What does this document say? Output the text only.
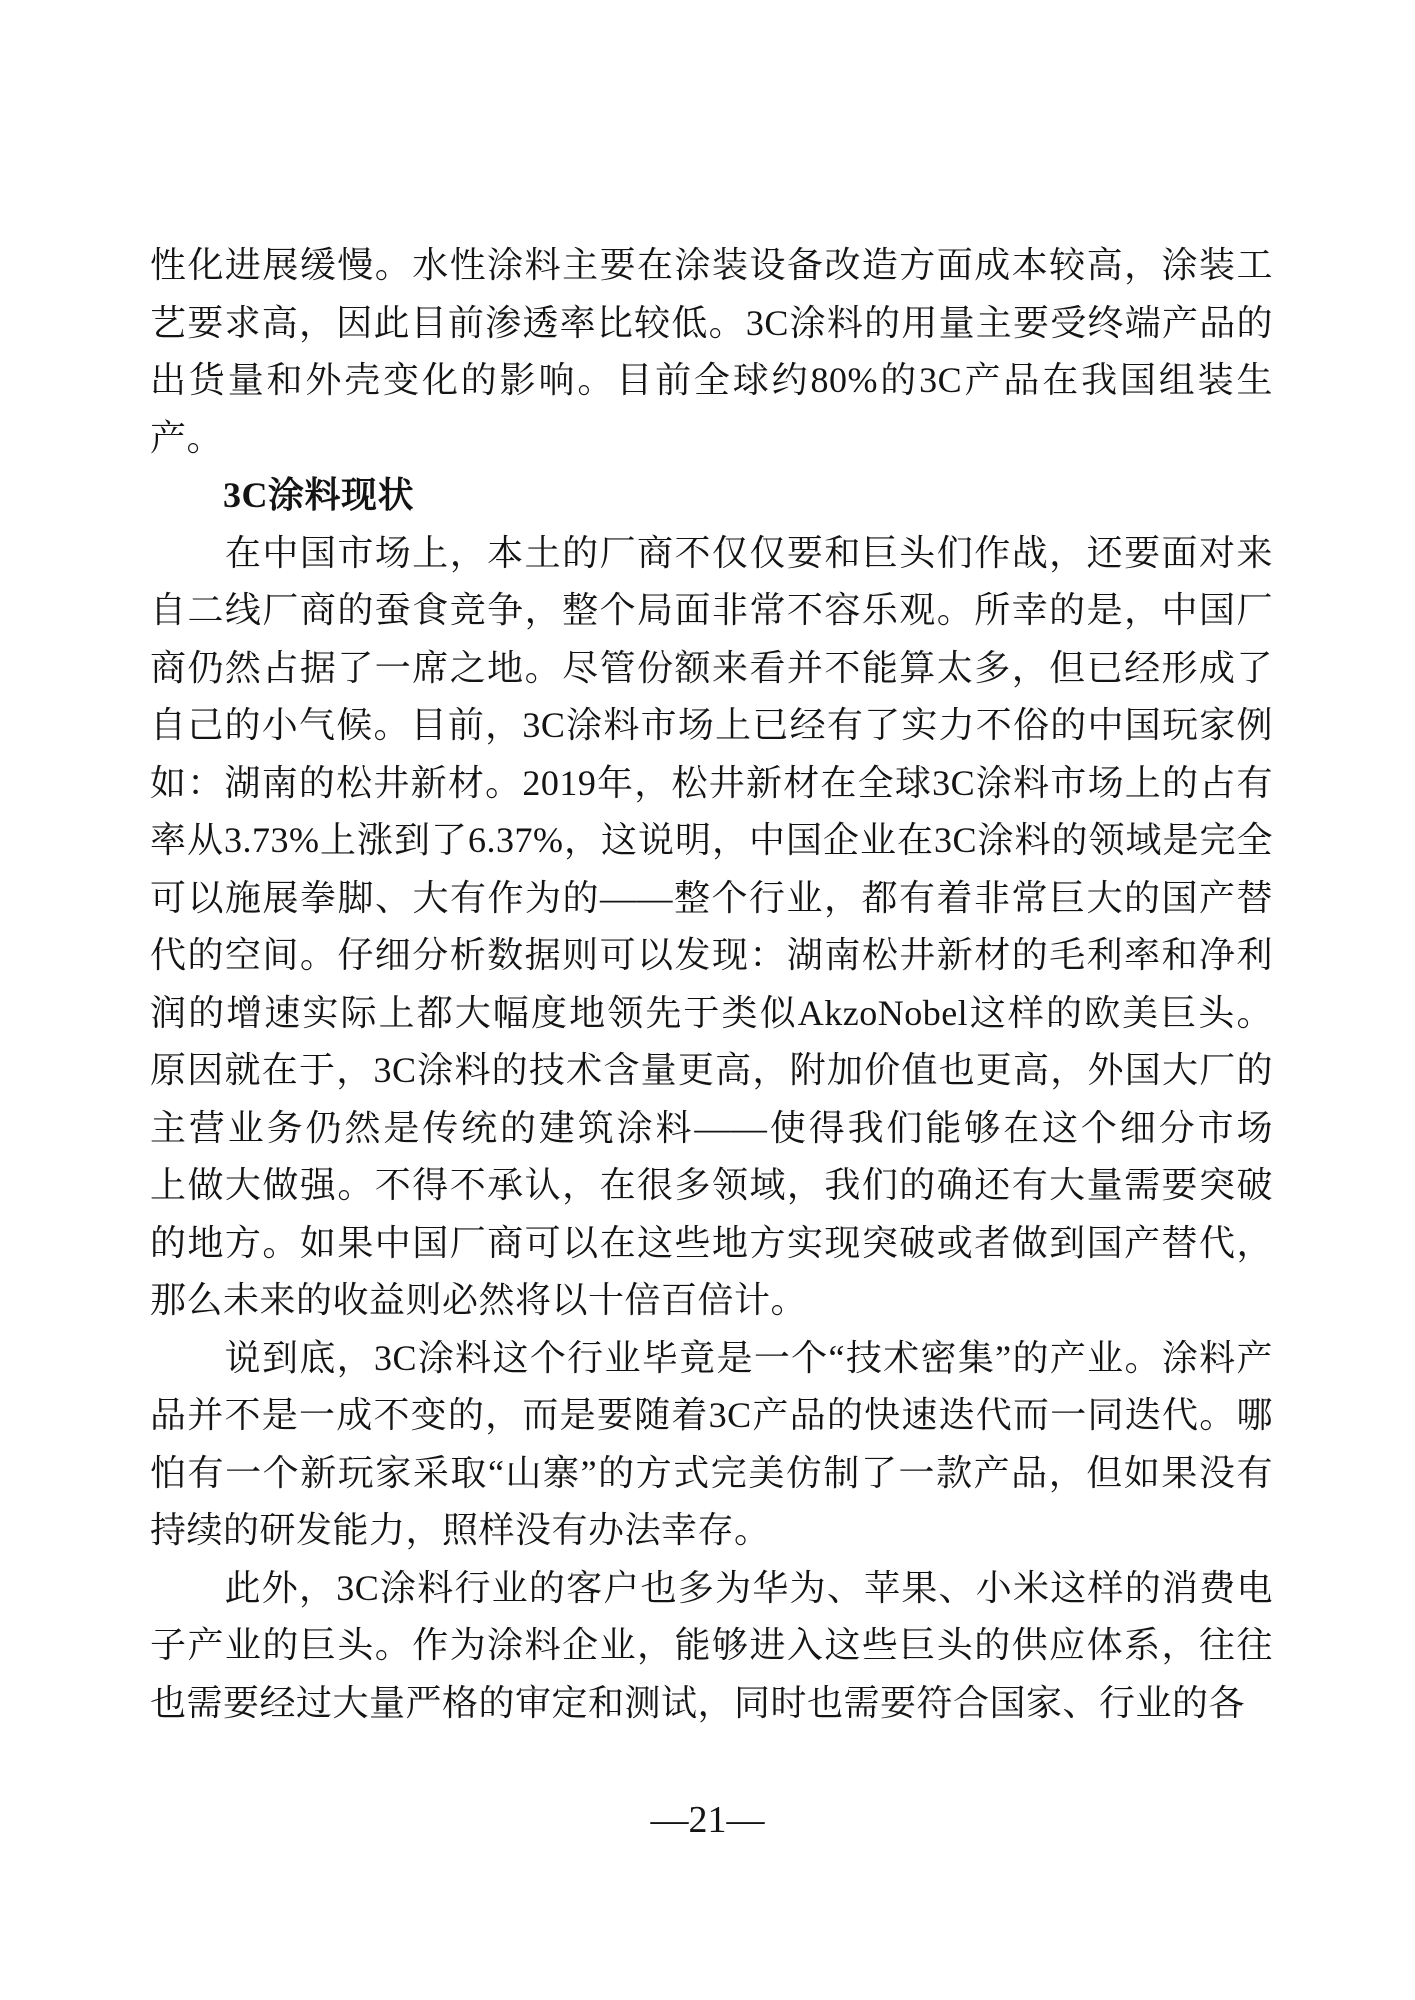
性化进展缓慢。水性涂料主要在涂装设备改造方面成本较高，涂装工
艺要求高，因此目前渗透率比较低。3C涂料的用量主要受终端产品的
出货量和外壳变化的影响。目前全球约80%的3C产品在我国组装生
产。
　　3C涂料现状
　　在中国市场上，本土的厂商不仅仅要和巨头们作战，还要面对来
自二线厂商的蚕食竞争，整个局面非常不容乐观。所幸的是，中国厂
商仍然占据了一席之地。尽管份额来看并不能算太多，但已经形成了
自己的小气候。目前，3C涂料市场上已经有了实力不俗的中国玩家例
如：湖南的松井新材。2019年，松井新材在全球3C涂料市场上的占有
率从3.73%上涨到了6.37%，这说明，中国企业在3C涂料的领域是完全
可以施展拳脚、大有作为的——整个行业，都有着非常巨大的国产替
代的空间。仔细分析数据则可以发现：湖南松井新材的毛利率和净利
润的增速实际上都大幅度地领先于类似AkzoNobel这样的欧美巨头。
原因就在于，3C涂料的技术含量更高，附加价值也更高，外国大厂的
主营业务仍然是传统的建筑涂料——使得我们能够在这个细分市场
上做大做强。不得不承认，在很多领域，我们的确还有大量需要突破
的地方。如果中国厂商可以在这些地方实现突破或者做到国产替代，
那么未来的收益则必然将以十倍百倍计。
　　说到底，3C涂料这个行业毕竟是一个“技术密集”的产业。涂料产
品并不是一成不变的，而是要随着3C产品的快速迭代而一同迭代。哪
怕有一个新玩家采取“山寨”的方式完美仿制了一款产品，但如果没有
持续的研发能力，照样没有办法幸存。
　　此外，3C涂料行业的客户也多为华为、苹果、小米这样的消费电
子产业的巨头。作为涂料企业，能够进入这些巨头的供应体系，往往
也需要经过大量严格的审定和测试，同时也需要符合国家、行业的各
—21—
